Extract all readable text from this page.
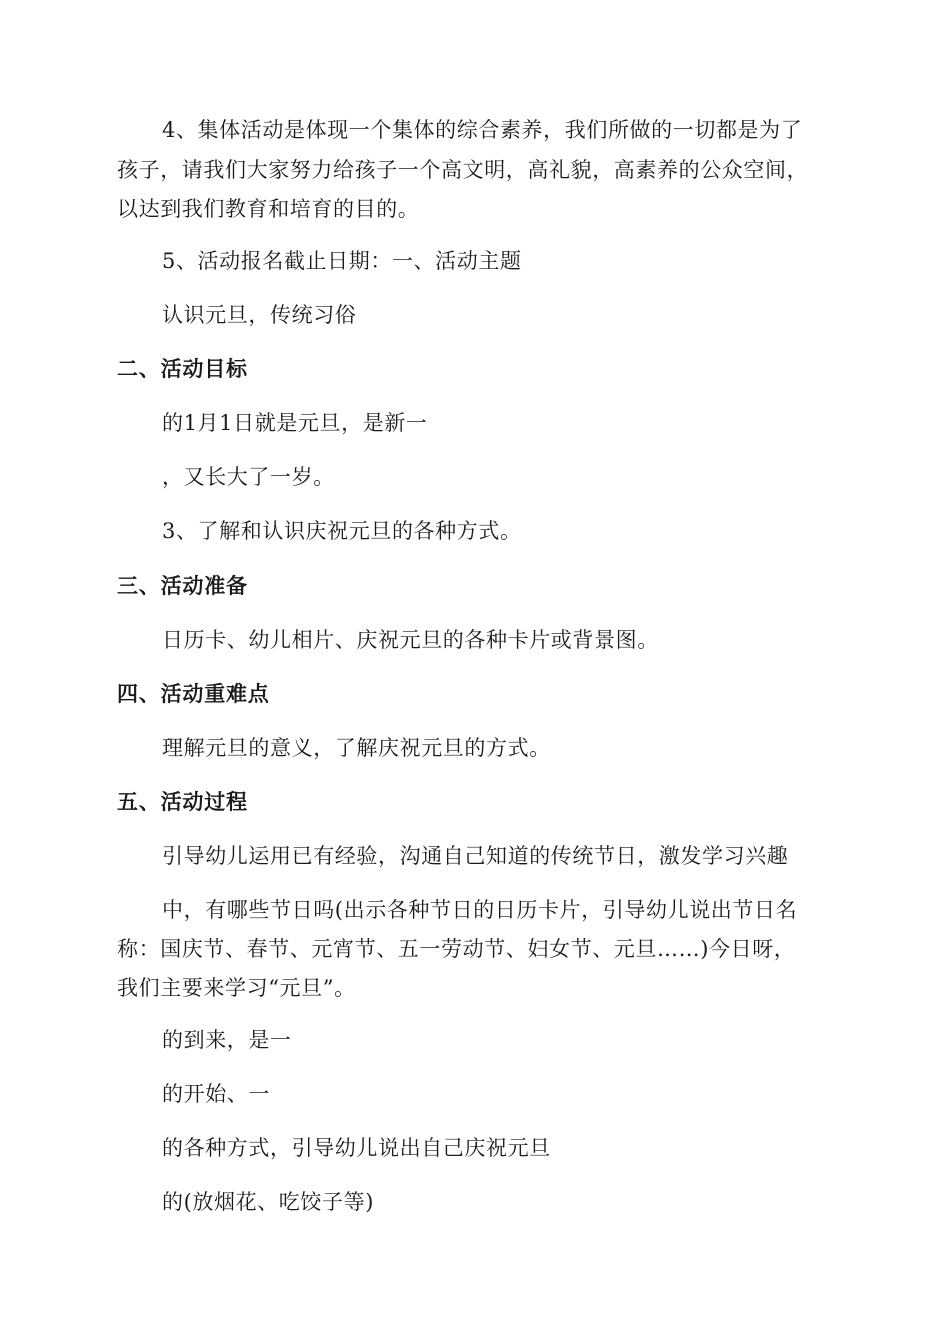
4、集体活动是体现一个集体的综合素养，我们所做的一切都是为了
孩子，请我们大家努力给孩子一个高文明，高礼貌，高素养的公众空间，
以达到我们教育和培育的目的。
5、活动报名截止日期：一、活动主题
认识元旦，传统习俗
二、活动目标
的1月1日就是元旦，是新一
，又长大了一岁。
3、了解和认识庆祝元旦的各种方式。
三、活动准备
日历卡、幼儿相片、庆祝元旦的各种卡片或背景图。
四、活动重难点
理解元旦的意义，了解庆祝元旦的方式。
五、活动过程
引导幼儿运用已有经验，沟通自己知道的传统节日，激发学习兴趣
中，有哪些节日吗(出示各种节日的日历卡片，引导幼儿说出节日名
称：国庆节、春节、元宵节、五一劳动节、妇女节、元旦……)今日呀，
我们主要来学习“元旦”。
的到来，是一
的开始、一
的各种方式，引导幼儿说出自己庆祝元旦
的(放烟花、吃饺子等)
